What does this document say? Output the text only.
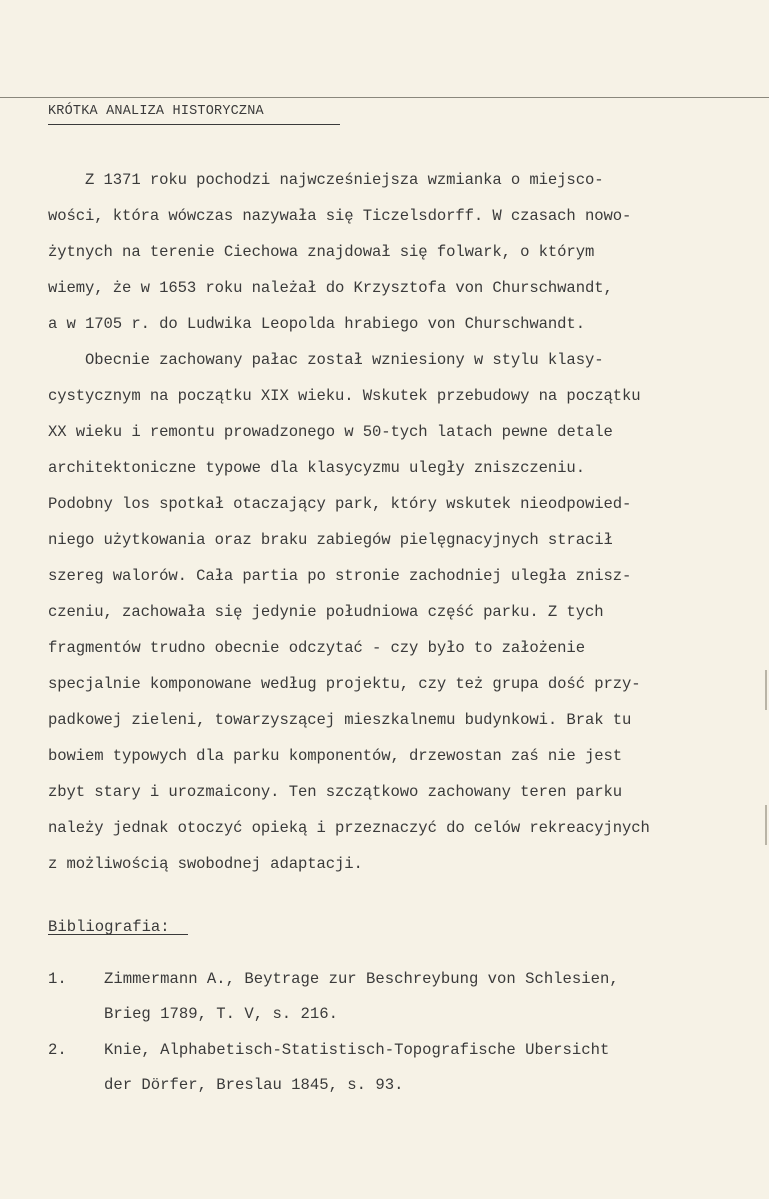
KRÓTKA ANALIZA HISTORYCZNA
Z 1371 roku pochodzi najwcześniejsza wzmianka o miejsco-
wości, która wówczas nazywała się Ticzelsdorff. W czasach nowo-
żytnych na terenie Ciechowa znajdował się folwark, o którym
wiemy, że w 1653 roku należał do Krzysztofa von Churschwandt,
a w 1705 r. do Ludwika Leopolda hrabiego von Churschwandt.
Obecnie zachowany pałac został wzniesiony w stylu klasy-
cystycznym na początku XIX wieku. Wskutek przebudowy na początku
XX wieku i remontu prowadzonego w 50-tych latach pewne detale
architektoniczne typowe dla klasycyzmu uległy zniszczeniu.
Podobny los spotkał otaczający park, który wskutek nieodpowied-
niego użytkowania oraz braku zabiegów pielęgnacyjnych stracił
szereg walorów. Cała partia po stronie zachodniej uległa znisz-
czeniu, zachowała się jedynie południowa część parku. Z tych
fragmentów trudno obecnie odczytać - czy było to założenie
specjalnie komponowane według projektu, czy też grupa dość przy-
padkowej zieleni, towarzyszącej mieszkalnemu budynkowi. Brak tu
bowiem typowych dla parku komponentów, drzewostan zaś nie jest
zbyt stary i urozmaicony. Ten szczątkowo zachowany teren parku
należy jednak otoczyć opieką i przeznaczyć do celów rekreacyjnych
z możliwością swobodnej adaptacji.
Bibliografia:
1. Zimmermann A., Beytrage zur Beschreybung von Schlesien,
Brieg 1789, T. V, s. 216.
2. Knie, Alphabetisch-Statistisch-Topografische Ubersicht
der Dörfer, Breslau 1845, s. 93.
